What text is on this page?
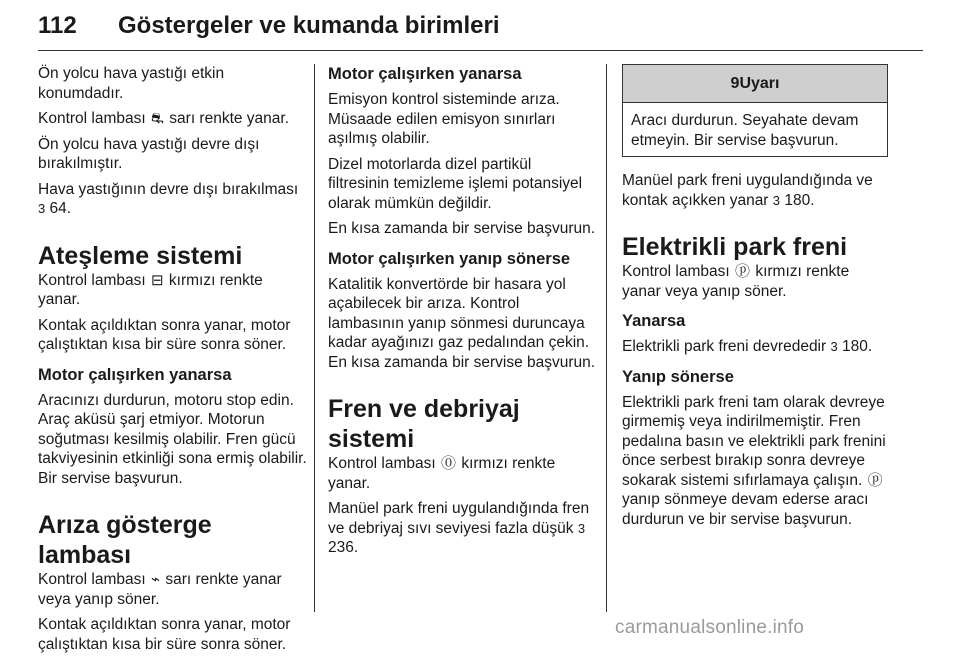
112 Göstergeler ve kumanda birimleri

Ön yolcu hava yastığı etkin konumdadır.

Kontrol lambası ⛐ sarı renkte yanar.

Ön yolcu hava yastığı devre dışı bırakılmıştır.

Hava yastığının devre dışı bırakılması 3 64.

Ateşleme sistemi

Kontrol lambası ⊟ kırmızı renkte yanar.

Kontak açıldıktan sonra yanar, motor çalıştıktan kısa bir süre sonra söner.

Motor çalışırken yanarsa

Aracınızı durdurun, motoru stop edin. Araç aküsü şarj etmiyor. Motorun soğutması kesilmiş olabilir. Fren gücü takviyesinin etkinliği sona ermiş olabilir. Bir servise başvurun.

Arıza gösterge lambası

Kontrol lambası ⌁ sarı renkte yanar veya yanıp söner.

Kontak açıldıktan sonra yanar, motor çalıştıktan kısa bir süre sonra söner.

Motor çalışırken yanarsa

Emisyon kontrol sisteminde arıza. Müsaade edilen emisyon sınırları aşılmış olabilir.

Dizel motorlarda dizel partikül filtresinin temizleme işlemi potansiyel olarak mümkün değildir.

En kısa zamanda bir servise başvurun.

Motor çalışırken yanıp sönerse

Katalitik konvertörde bir hasara yol açabilecek bir arıza. Kontrol lambasının yanıp sönmesi duruncaya kadar ayağınızı gaz pedalından çekin. En kısa zamanda bir servise başvurun.

Fren ve debriyaj sistemi

Kontrol lambası ⓪ kırmızı renkte yanar.

Manüel park freni uygulandığında fren ve debriyaj sıvı seviyesi fazla düşük 3 236.

9Uyarı

Aracı durdurun. Seyahate devam etmeyin. Bir servise başvurun.

Manüel park freni uygulandığında ve kontak açıkken yanar 3 180.

Elektrikli park freni

Kontrol lambası ⓟ kırmızı renkte yanar veya yanıp söner.

Yanarsa

Elektrikli park freni devrededir 3 180.

Yanıp sönerse

Elektrikli park freni tam olarak devreye girmemiş veya indirilmemiştir. Fren pedalına basın ve elektrikli park frenini önce serbest bırakıp sonra devreye sokarak sistemi sıfırlamaya çalışın. ⓟ yanıp sönmeye devam ederse aracı durdurun ve bir servise başvurun.

carmanualsonline.info
